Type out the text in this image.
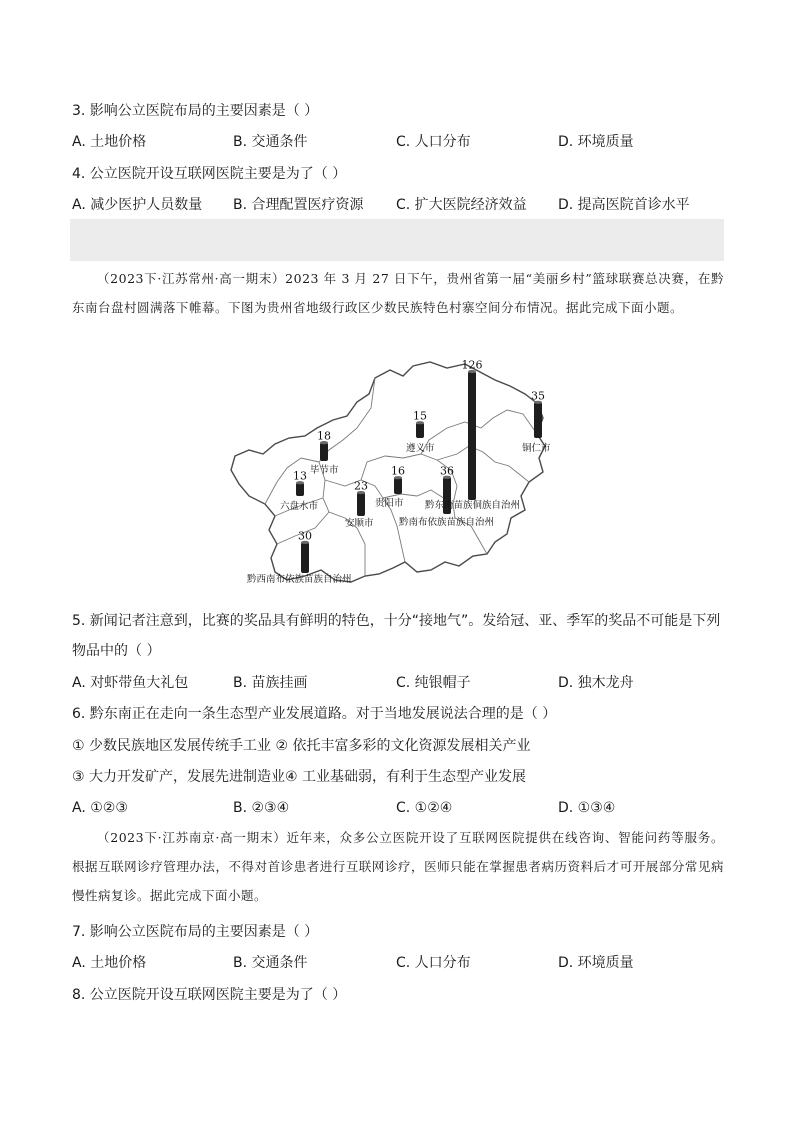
3. 影响公立医院布局的主要因素是（ ）
A. 土地价格	B. 交通条件	C. 人口分布	D. 环境质量
4. 公立医院开设互联网医院主要是为了（ ）
A. 减少医护人员数量 B. 合理配置医疗资源 C. 扩大医院经济效益 D. 提高医院首诊水平
（2023下·江苏常州·高一期末）2023 年 3 月 27 日下午，贵州省第一届“美丽乡村”篮球联赛总决赛，在黔东南台盘村圆满落下帷幕。下图为贵州省地级行政区少数民族特色村寨空间分布情况。据此完成下面小题。
15
35
18
13	16
23
126
36
30
遵义市	铜仁市
毕节市
六盘水市	贵阳市
安顺市
黔东南苗族侗族自治州
黔南布依族苗族自治州
黔西南布依族苗族自治州
5. 新闻记者注意到，比赛的奖品具有鲜明的特色，十分“接地气”。发给冠、亚、季军的奖品不可能是下列
物品中的（ ）
A. 对虾带鱼大礼包	B. 苗族挂画	C. 纯银帽子	D. 独木龙舟
6. 黔东南正在走向一条生态型产业发展道路。对于当地发展说法合理的是（ ）
① 少数民族地区发展传统手工业 ② 依托丰富多彩的文化资源发展相关产业
③ 大力开发矿产，发展先进制造业④ 工业基础弱，有利于生态型产业发展
A. ①②③	B. ②③④	C. ①②④	D. ①③④
（2023下·江苏南京·高一期末）近年来，众多公立医院开设了互联网医院提供在线咨询、智能问药等服务。根据互联网诊疗管理办法，不得对首诊患者进行互联网诊疗，医师只能在掌握患者病历资料后才可开展部分常见病慢性病复诊。据此完成下面小题。
7. 影响公立医院布局的主要因素是（ ）
A. 土地价格	B. 交通条件	C. 人口分布	D. 环境质量
8. 公立医院开设互联网医院主要是为了（ ）
